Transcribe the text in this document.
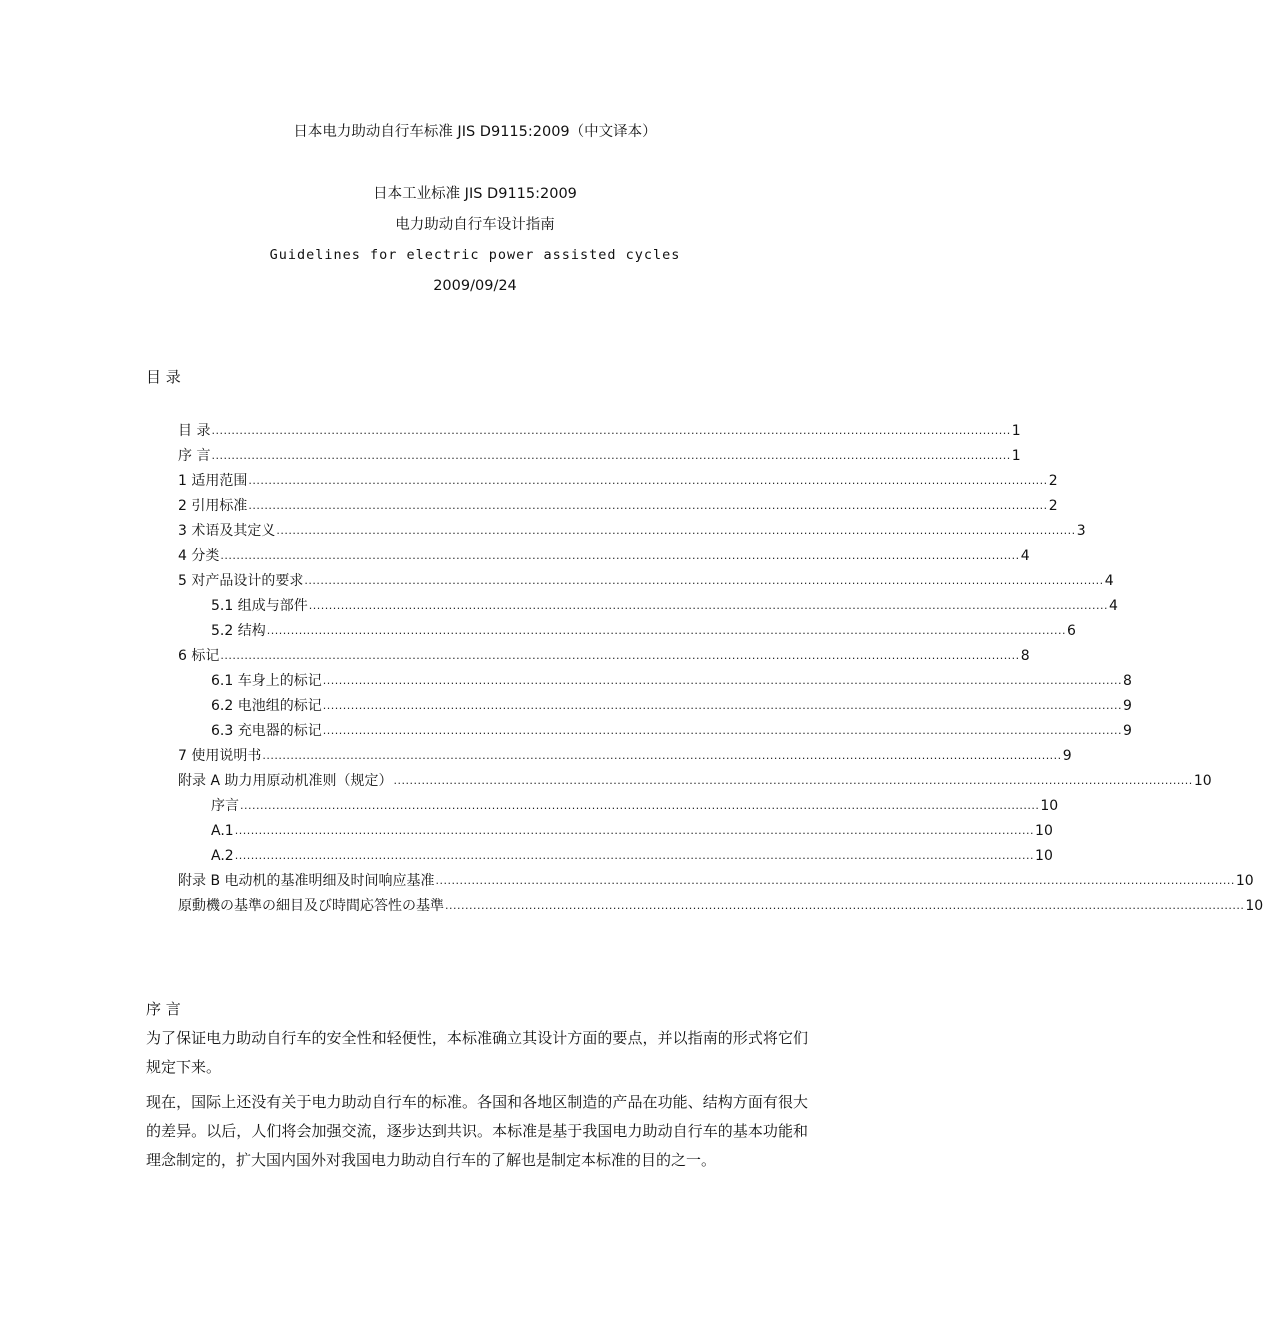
日本电力助动自行车标准 JIS D9115:2009（中文译本）
日本工业标准 JIS D9115:2009
电力助动自行车设计指南
Guidelines for electric power assisted cycles
2009/09/24
目 录
目 录 ........................................................................................................................................................................................................ 1
序 言 ........................................................................................................................................................................................................ 1
1 适用范围 ........................................................................................................................................................................................................ 2
2 引用标准 ........................................................................................................................................................................................................ 2
3 术语及其定义 ........................................................................................................................................................................................................ 3
4 分类 ........................................................................................................................................................................................................ 4
5 对产品设计的要求 ........................................................................................................................................................................................................ 4
5.1 组成与部件 ........................................................................................................................................................................................................ 4
5.2 结构 ........................................................................................................................................................................................................ 6
6 标记 ........................................................................................................................................................................................................ 8
6.1 车身上的标记 ........................................................................................................................................................................................................ 8
6.2 电池组的标记 ........................................................................................................................................................................................................ 9
6.3 充电器的标记 ........................................................................................................................................................................................................ 9
7 使用说明书 ........................................................................................................................................................................................................ 9
附录 A 助力用原动机准则（规定） ........................................................................................................................................................................................................ 10
序言 ........................................................................................................................................................................................................ 10
A.1 ........................................................................................................................................................................................................ 10
A.2 ........................................................................................................................................................................................................ 10
附录 B 电动机的基准明细及时间响应基准 ........................................................................................................................................................................................................ 10
原動機の基準の細目及び時間応答性の基準 ........................................................................................................................................................................................................ 10
序 言
为了保证电力助动自行车的安全性和轻便性，本标准确立其设计方面的要点，并以指南的形式将它们规定下来。
现在，国际上还没有关于电力助动自行车的标准。各国和各地区制造的产品在功能、结构方面有很大的差异。以后，人们将会加强交流，逐步达到共识。本标准是基于我国电力助动自行车的基本功能和理念制定的，扩大国内国外对我国电力助动自行车的了解也是制定本标准的目的之一。
